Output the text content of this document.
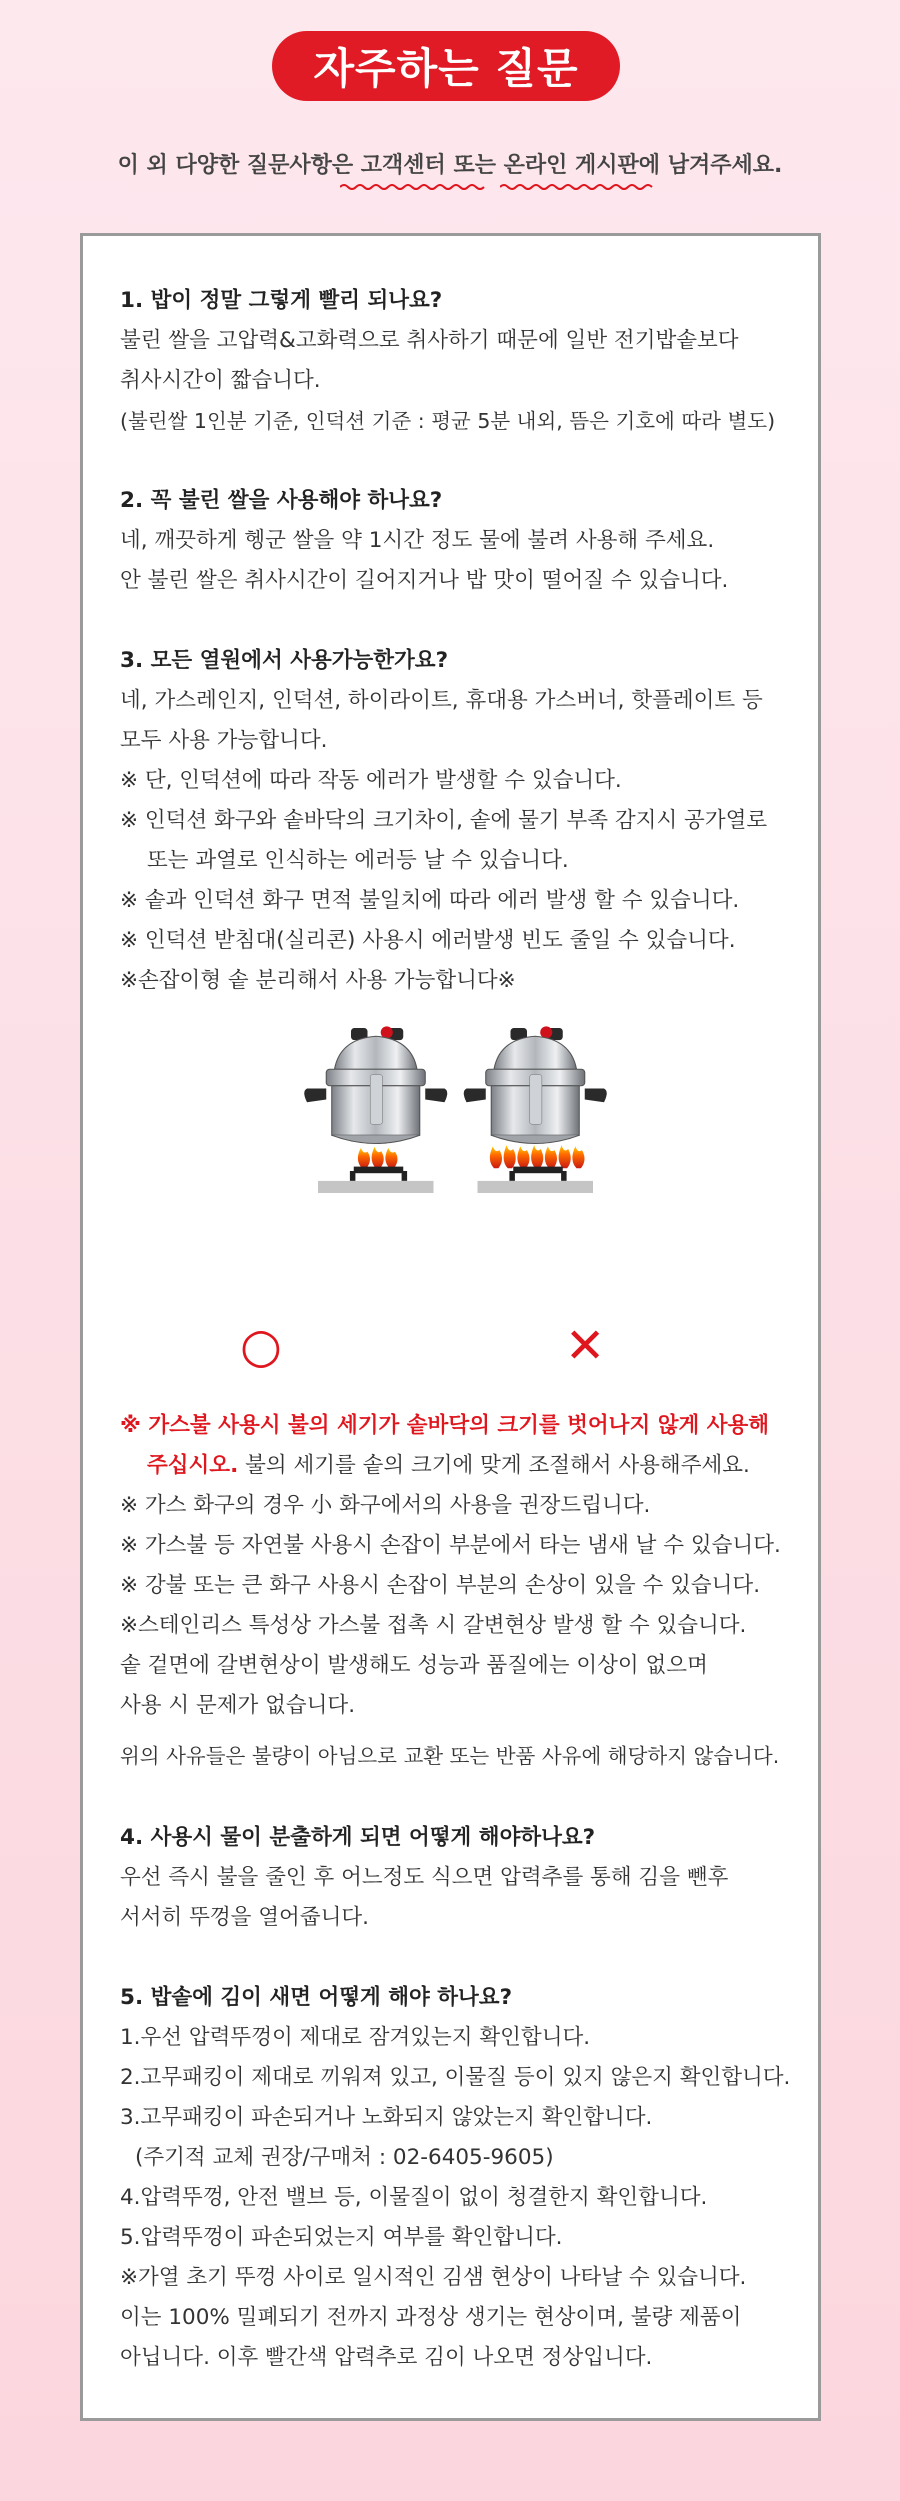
자주하는 질문
이 외 다양한 질문사항은 고객센터 또는 온라인 게시판에 남겨주세요.
1. 밥이 정말 그렇게 빨리 되나요?
불린 쌀을 고압력&고화력으로 취사하기 때문에 일반 전기밥솥보다
취사시간이 짧습니다.
(불린쌀 1인분 기준, 인덕션 기준 : 평균 5분 내외, 뜸은 기호에 따라 별도)
2. 꼭 불린 쌀을 사용해야 하나요?
네, 깨끗하게 헹군 쌀을 약 1시간 정도 물에 불려 사용해 주세요.
안 불린 쌀은 취사시간이 길어지거나 밥 맛이 떨어질 수 있습니다.
3. 모든 열원에서 사용가능한가요?
네, 가스레인지, 인덕션, 하이라이트, 휴대용 가스버너, 핫플레이트 등
모두 사용 가능합니다.
※ 단, 인덕션에 따라 작동 에러가 발생할 수 있습니다.
※ 인덕션 화구와 솥바닥의 크기차이, 솥에 물기 부족 감지시 공가열로
또는 과열로 인식하는 에러등 날 수 있습니다.
※ 솥과 인덕션 화구 면적 불일치에 따라 에러 발생 할 수 있습니다.
※ 인덕션 받침대(실리콘) 사용시 에러발생 빈도 줄일 수 있습니다.
※손잡이형 솥 분리해서 사용 가능합니다※
○	✕
※ 가스불 사용시 불의 세기가 솥바닥의 크기를 벗어나지 않게 사용해
주십시오. 불의 세기를 솥의 크기에 맞게 조절해서 사용해주세요.
※ 가스 화구의 경우 小 화구에서의 사용을 권장드립니다.
※ 가스불 등 자연불 사용시 손잡이 부분에서 타는 냄새 날 수 있습니다.
※ 강불 또는 큰 화구 사용시 손잡이 부분의 손상이 있을 수 있습니다.
※스테인리스 특성상 가스불 접촉 시 갈변현상 발생 할 수 있습니다.
솥 겉면에 갈변현상이 발생해도 성능과 품질에는 이상이 없으며
사용 시 문제가 없습니다.
위의 사유들은 불량이 아님으로 교환 또는 반품 사유에 해당하지 않습니다.
4. 사용시 물이 분출하게 되면 어떻게 해야하나요?
우선 즉시 불을 줄인 후 어느정도 식으면 압력추를 통해 김을 뺀후
서서히 뚜껑을 열어줍니다.
5. 밥솥에 김이 새면 어떻게 해야 하나요?
1.우선 압력뚜껑이 제대로 잠겨있는지 확인합니다.
2.고무패킹이 제대로 끼워져 있고, 이물질 등이 있지 않은지 확인합니다.
3.고무패킹이 파손되거나 노화되지 않았는지 확인합니다.
(주기적 교체 권장/구매처 : 02-6405-9605)
4.압력뚜껑, 안전 밸브 등, 이물질이 없이 청결한지 확인합니다.
5.압력뚜껑이 파손되었는지 여부를 확인합니다.
※가열 초기 뚜껑 사이로 일시적인 김샘 현상이 나타날 수 있습니다.
이는 100% 밀폐되기 전까지 과정상 생기는 현상이며, 불량 제품이
아닙니다. 이후 빨간색 압력추로 김이 나오면 정상입니다.
